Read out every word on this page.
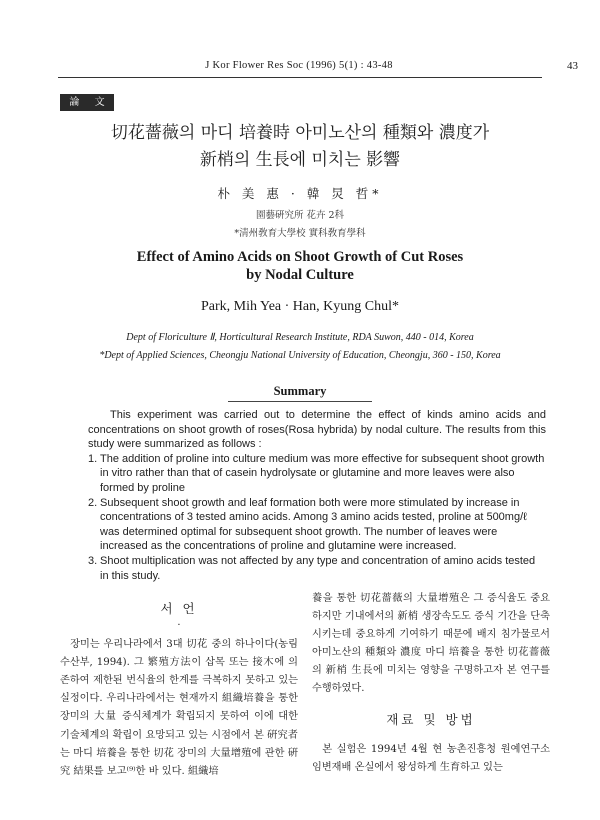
J Kor Flower Res Soc (1996) 5(1) : 43-48	43
論 文
切花薔薇의 마디 培養時 아미노산의 種類와 濃度가
新梢의 生長에 미치는 影響
朴 美 惠 · 韓 炅 哲*
園藝硏究所 花卉 2科
*淸州敎育大學校 實科敎育學科
Effect of Amino Acids on Shoot Growth of Cut Roses
by Nodal Culture
Park, Mih Yea · Han, Kyung Chul*
Dept of Floriculture Ⅱ, Horticultural Research Institute, RDA Suwon, 440 - 014, Korea
*Dept of Applied Sciences, Cheongju National University of Education, Cheongju, 360 - 150, Korea
Summary

This experiment was carried out to determine the effect of kinds amino acids and concentrations on shoot growth of roses(Rosa hybrida) by nodal culture. The results from this study were summarized as follows :

1. The addition of proline into culture medium was more effective for subsequent shoot growth in vitro rather than that of casein hydrolysate or glutamine and more leaves were also formed by proline
2. Subsequent shoot growth and leaf formation both were more stimulated by increase in concentrations of 3 tested amino acids. Among 3 amino acids tested, proline at 500mg/ℓ was determined optimal for subsequent shoot growth. The number of leaves were increased as the concentrations of proline and glutamine were increased.
3. Shoot multiplication was not affected by any type and concentration of amino acids tested in this study.
서 언
·

장미는 우리나라에서 3대 切花 중의 하나이다(농림수산부, 1994). 그 繁殖方法이 삽목 또는 接木에 의존하여 제한된 번식율의 한계를 극복하지 못하고 있는 실정이다. 우리나라에서는 현재까지 組織培養을 통한 장미의 大量 증식체계가 확립되지 못하여 이에 대한 기술체계의 확립이 요망되고 있는 시점에서 본 硏究者는 마디 培養을 통한 切花 장미의 大量增殖에 관한 硏究 結果를 보고⁽⁹⁾한 바 있다. 組織培

養을 통한 切花薔薇의 大量增殖은 그 증식율도 중요하지만 기내에서의 新梢 생장속도도 증식 기간을 단축시키는데 중요하게 기여하기 때문에 배지 침가물로서 아미노산의 種類와 濃度 마디 培養을 통한 切花薔薇의 新梢 生長에 미치는 영향을 구명하고자 본 연구를 수행하였다.

재료 및 방법

본 실험은 1994년 4월 현 농촌진흥청 원예연구소 임변재배 온실에서 왕성하게 生育하고 있는
